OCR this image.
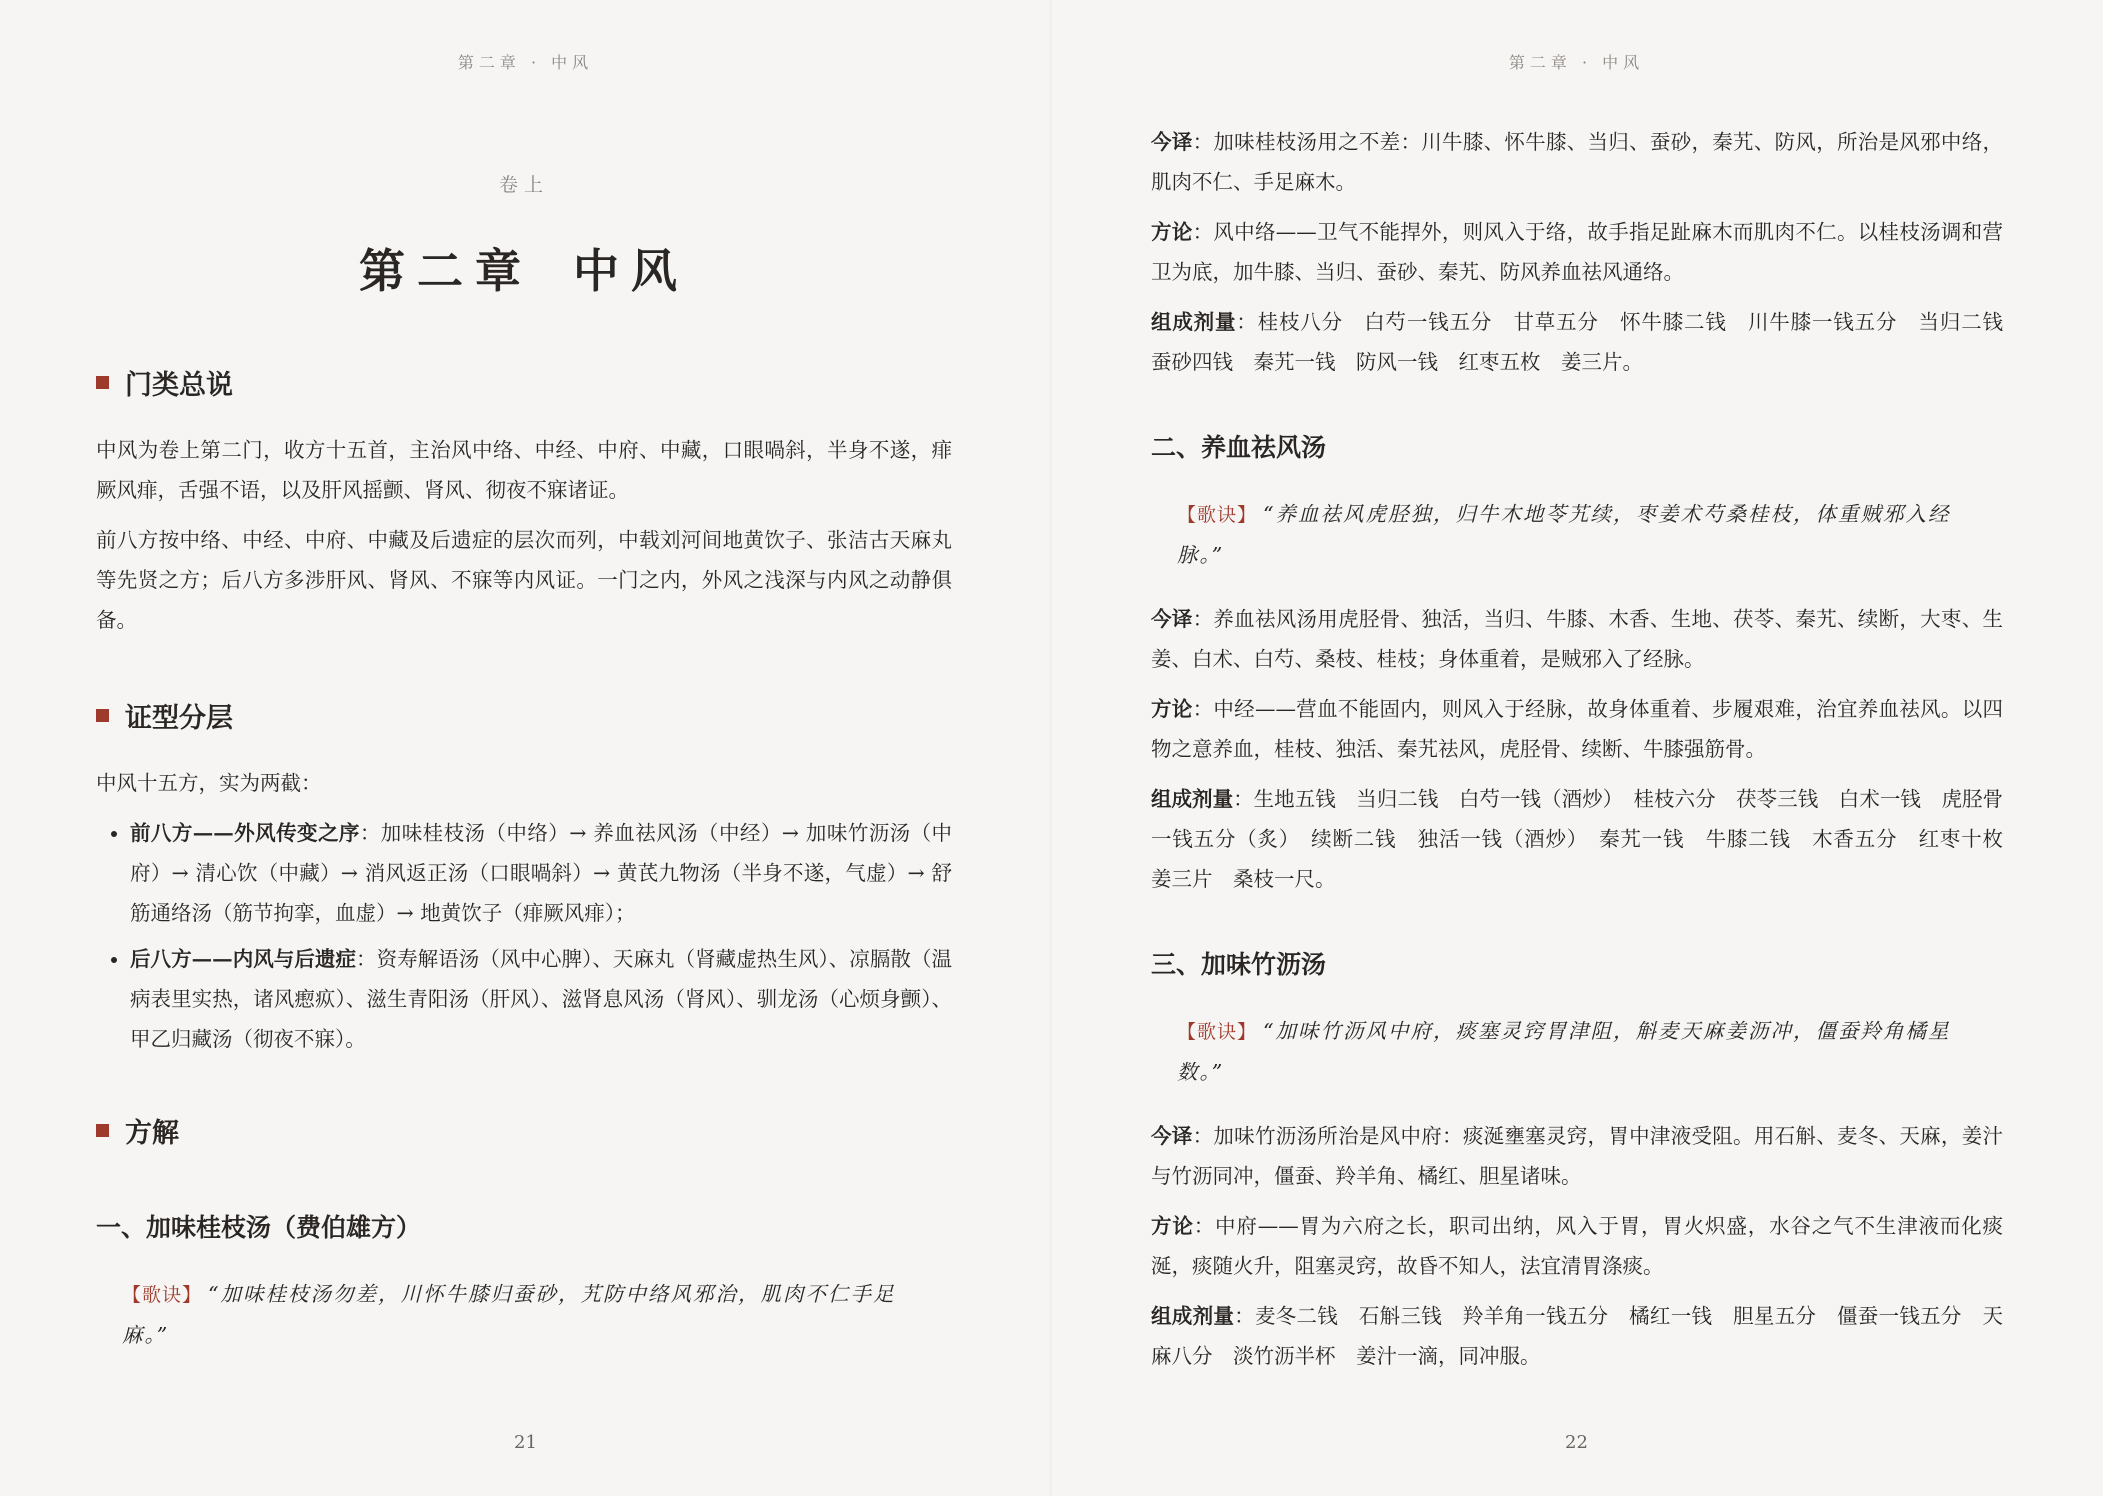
第二章 · 中风
卷上
第二章 中风
门类总说

中风为卷上第二门，收方十五首，主治风中络、中经、中府、中藏，口眼喎斜，半身不遂，痱厥风痱，舌强不语，以及肝风摇颤、肾风、彻夜不寐诸证。

前八方按中络、中经、中府、中藏及后遗症的层次而列，中载刘河间地黄饮子、张洁古天麻丸等先贤之方；后八方多涉肝风、肾风、不寐等内风证。一门之内，外风之浅深与内风之动静俱备。

证型分层

中风十五方，实为两截：

• 前八方——外风传变之序：加味桂枝汤（中络）→ 养血祛风汤（中经）→ 加味竹沥汤（中府）→ 清心饮（中藏）→ 消风返正汤（口眼喎斜）→ 黄芪九物汤（半身不遂，气虚）→ 舒筋通络汤（筋节拘挛，血虚）→ 地黄饮子（痱厥风痱）；
• 后八方——内风与后遗症：资寿解语汤（风中心脾）、天麻丸（肾藏虚热生风）、凉膈散（温病表里实热，诸风瘛疭）、滋生青阳汤（肝风）、滋肾息风汤（肾风）、驯龙汤（心烦身颤）、甲乙归藏汤（彻夜不寐）。
方解
一、加味桂枝汤（费伯雄方）
【歌诀】 “加味桂枝汤勿差，川怀牛膝归蚕砂，艽防中络风邪治，肌肉不仁手足麻。”
21
第二章 · 中风

今译：加味桂枝汤用之不差：川牛膝、怀牛膝、当归、蚕砂，秦艽、防风，所治是风邪中络，肌肉不仁、手足麻木。

方论：风中络——卫气不能捍外，则风入于络，故手指足趾麻木而肌肉不仁。以桂枝汤调和营卫为底，加牛膝、当归、蚕砂、秦艽、防风养血祛风通络。

组成剂量：桂枝八分　白芍一钱五分　甘草五分　怀牛膝二钱　川牛膝一钱五分　当归二钱　蚕砂四钱　秦艽一钱　防风一钱　红枣五枚　姜三片。

二、养血祛风汤
【歌诀】 “养血祛风虎胫独，归牛木地苓艽续，枣姜术芍桑桂枝，体重贼邪入经脉。”

今译：养血祛风汤用虎胫骨、独活，当归、牛膝、木香、生地、茯苓、秦艽、续断，大枣、生姜、白术、白芍、桑枝、桂枝；身体重着，是贼邪入了经脉。

方论：中经——营血不能固内，则风入于经脉，故身体重着、步履艰难，治宜养血祛风。以四物之意养血，桂枝、独活、秦艽祛风，虎胫骨、续断、牛膝强筋骨。

组成剂量：生地五钱　当归二钱　白芍一钱（酒炒）　桂枝六分　茯苓三钱　白术一钱　虎胫骨一钱五分（炙）　续断二钱　独活一钱（酒炒）　秦艽一钱　牛膝二钱　木香五分　红枣十枚　姜三片　桑枝一尺。

三、加味竹沥汤
【歌诀】 “加味竹沥风中府，痰塞灵窍胃津阻，斛麦天麻姜沥冲，僵蚕羚角橘星数。”

今译：加味竹沥汤所治是风中府：痰涎壅塞灵窍，胃中津液受阻。用石斛、麦冬、天麻，姜汁与竹沥同冲，僵蚕、羚羊角、橘红、胆星诸味。

方论：中府——胃为六府之长，职司出纳，风入于胃，胃火炽盛，水谷之气不生津液而化痰涎，痰随火升，阻塞灵窍，故昏不知人，法宜清胃涤痰。

组成剂量：麦冬二钱　石斛三钱　羚羊角一钱五分　橘红一钱　胆星五分　僵蚕一钱五分　天麻八分　淡竹沥半杯　姜汁一滴，同冲服。

22
